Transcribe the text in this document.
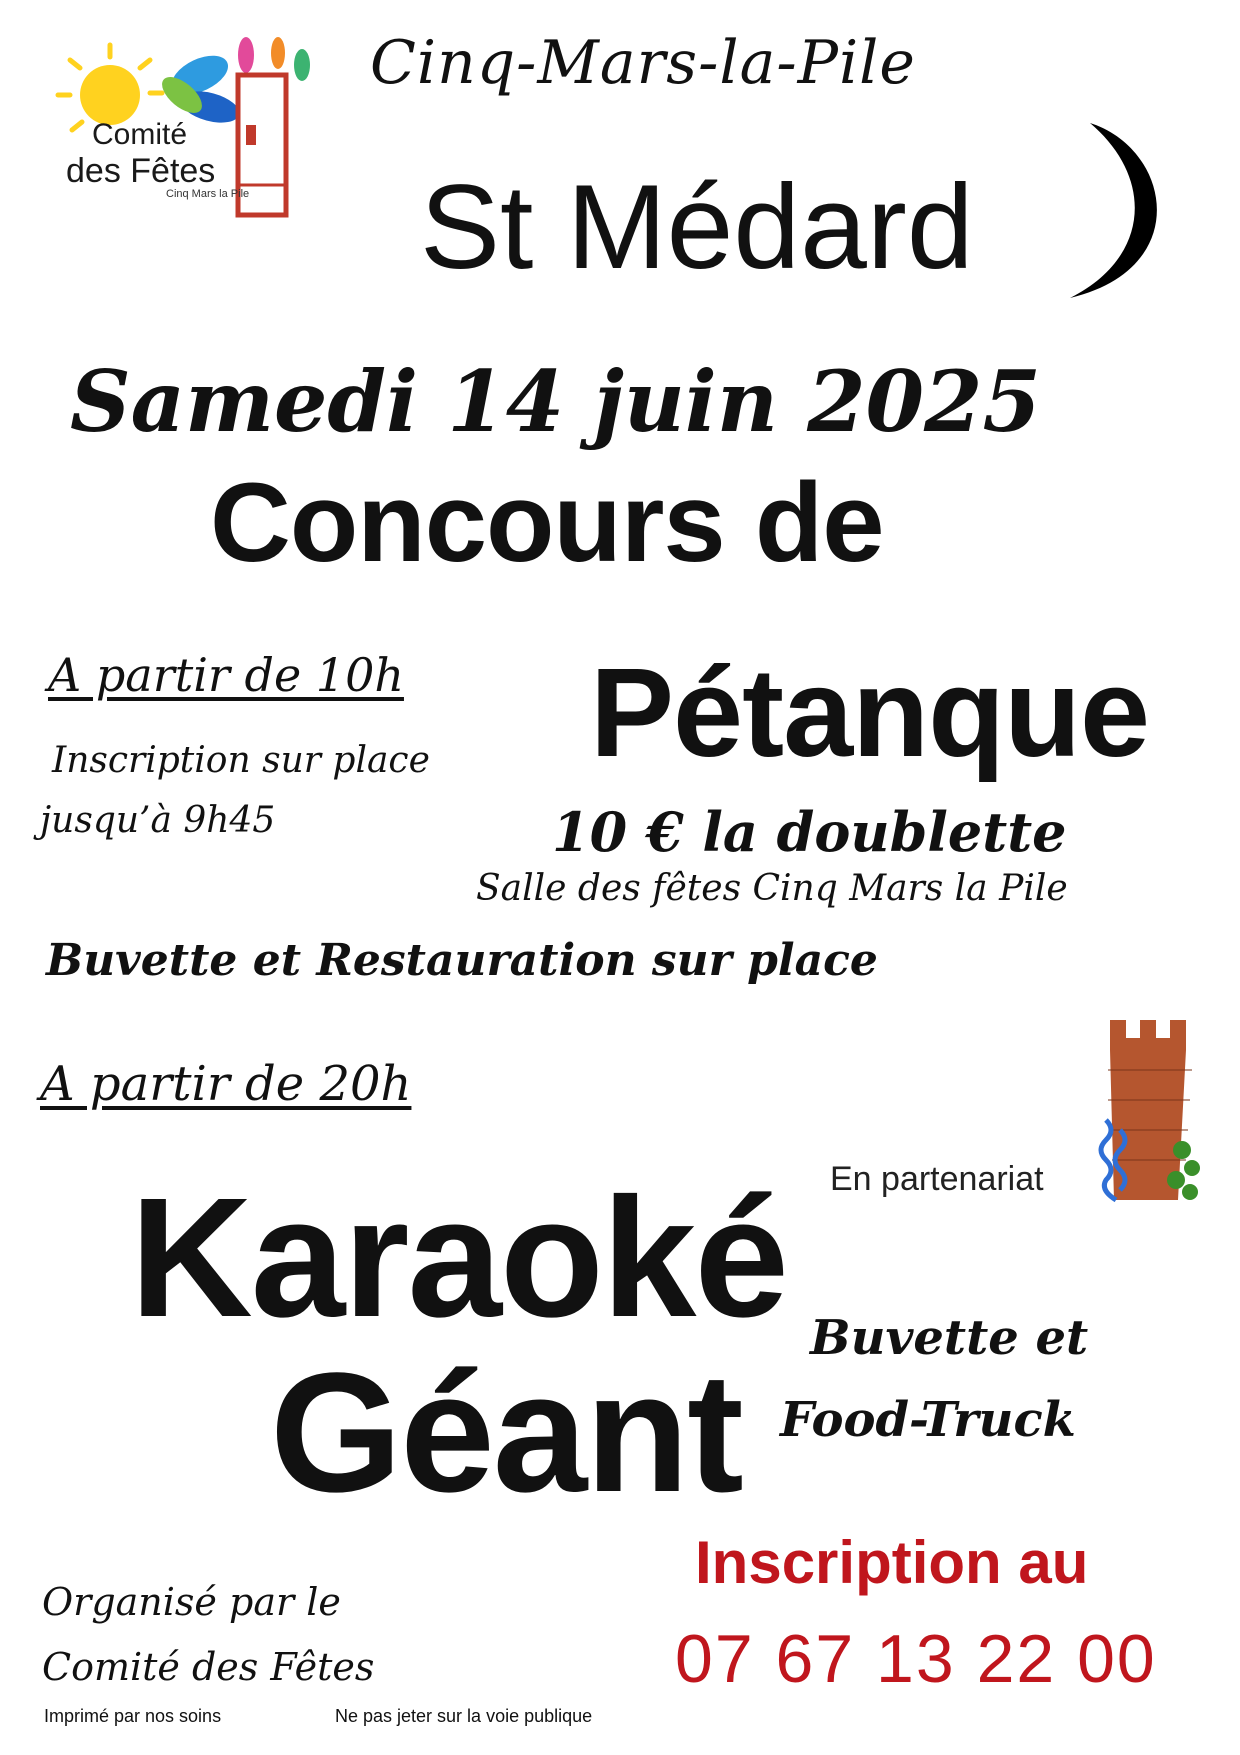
Comité
des Fêtes
Cinq Mars la Pile
Cinq-Mars-la-Pile
St Médard
Samedi 14 juin 2025
Concours de
Pétanque
A partir de 10h
Inscription sur place
jusqu’à 9h45	10 € la doublette
Salle des fêtes Cinq Mars la Pile
Buvette et Restauration sur place
A partir de 20h
Karaoké
Géant
En partenariat
Buvette et
Food-Truck
Inscription au
07 67 13 22 00
Organisé par le
Comité des Fêtes
Imprimé par nos soins	Ne pas jeter sur la voie publique
